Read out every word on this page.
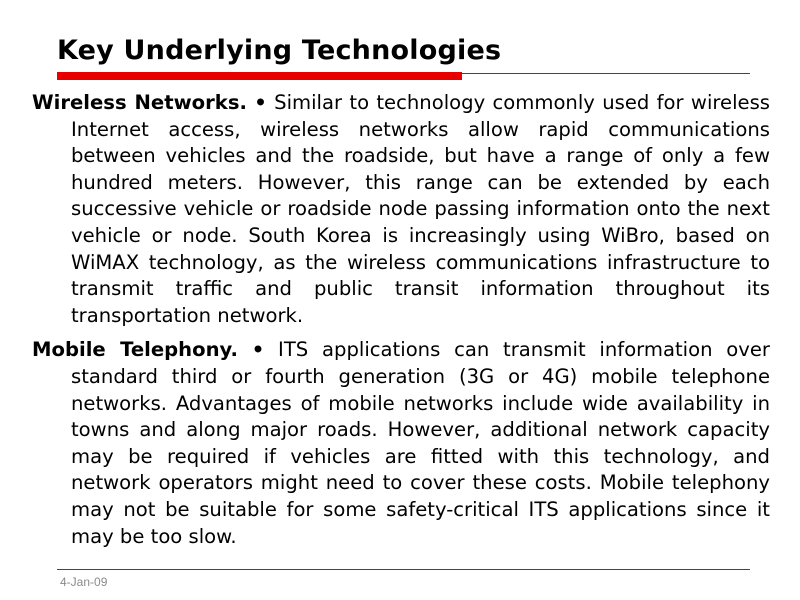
Key Underlying Technologies

Wireless Networks. • Similar to technology commonly used for wireless Internet access, wireless networks allow rapid communications between vehicles and the roadside, but have a range of only a few hundred meters. However, this range can be extended by each successive vehicle or roadside node passing information onto the next vehicle or node. South Korea is increasingly using WiBro, based on WiMAX technology, as the wireless communications infrastructure to transmit traffic and public transit information throughout its transportation network.

Mobile Telephony. • ITS applications can transmit information over standard third or fourth generation (3G or 4G) mobile telephone networks. Advantages of mobile networks include wide availability in towns and along major roads. However, additional network capacity may be required if vehicles are fitted with this technology, and network operators might need to cover these costs. Mobile telephony may not be suitable for some safety-critical ITS applications since it may be too slow.

4-Jan-09
